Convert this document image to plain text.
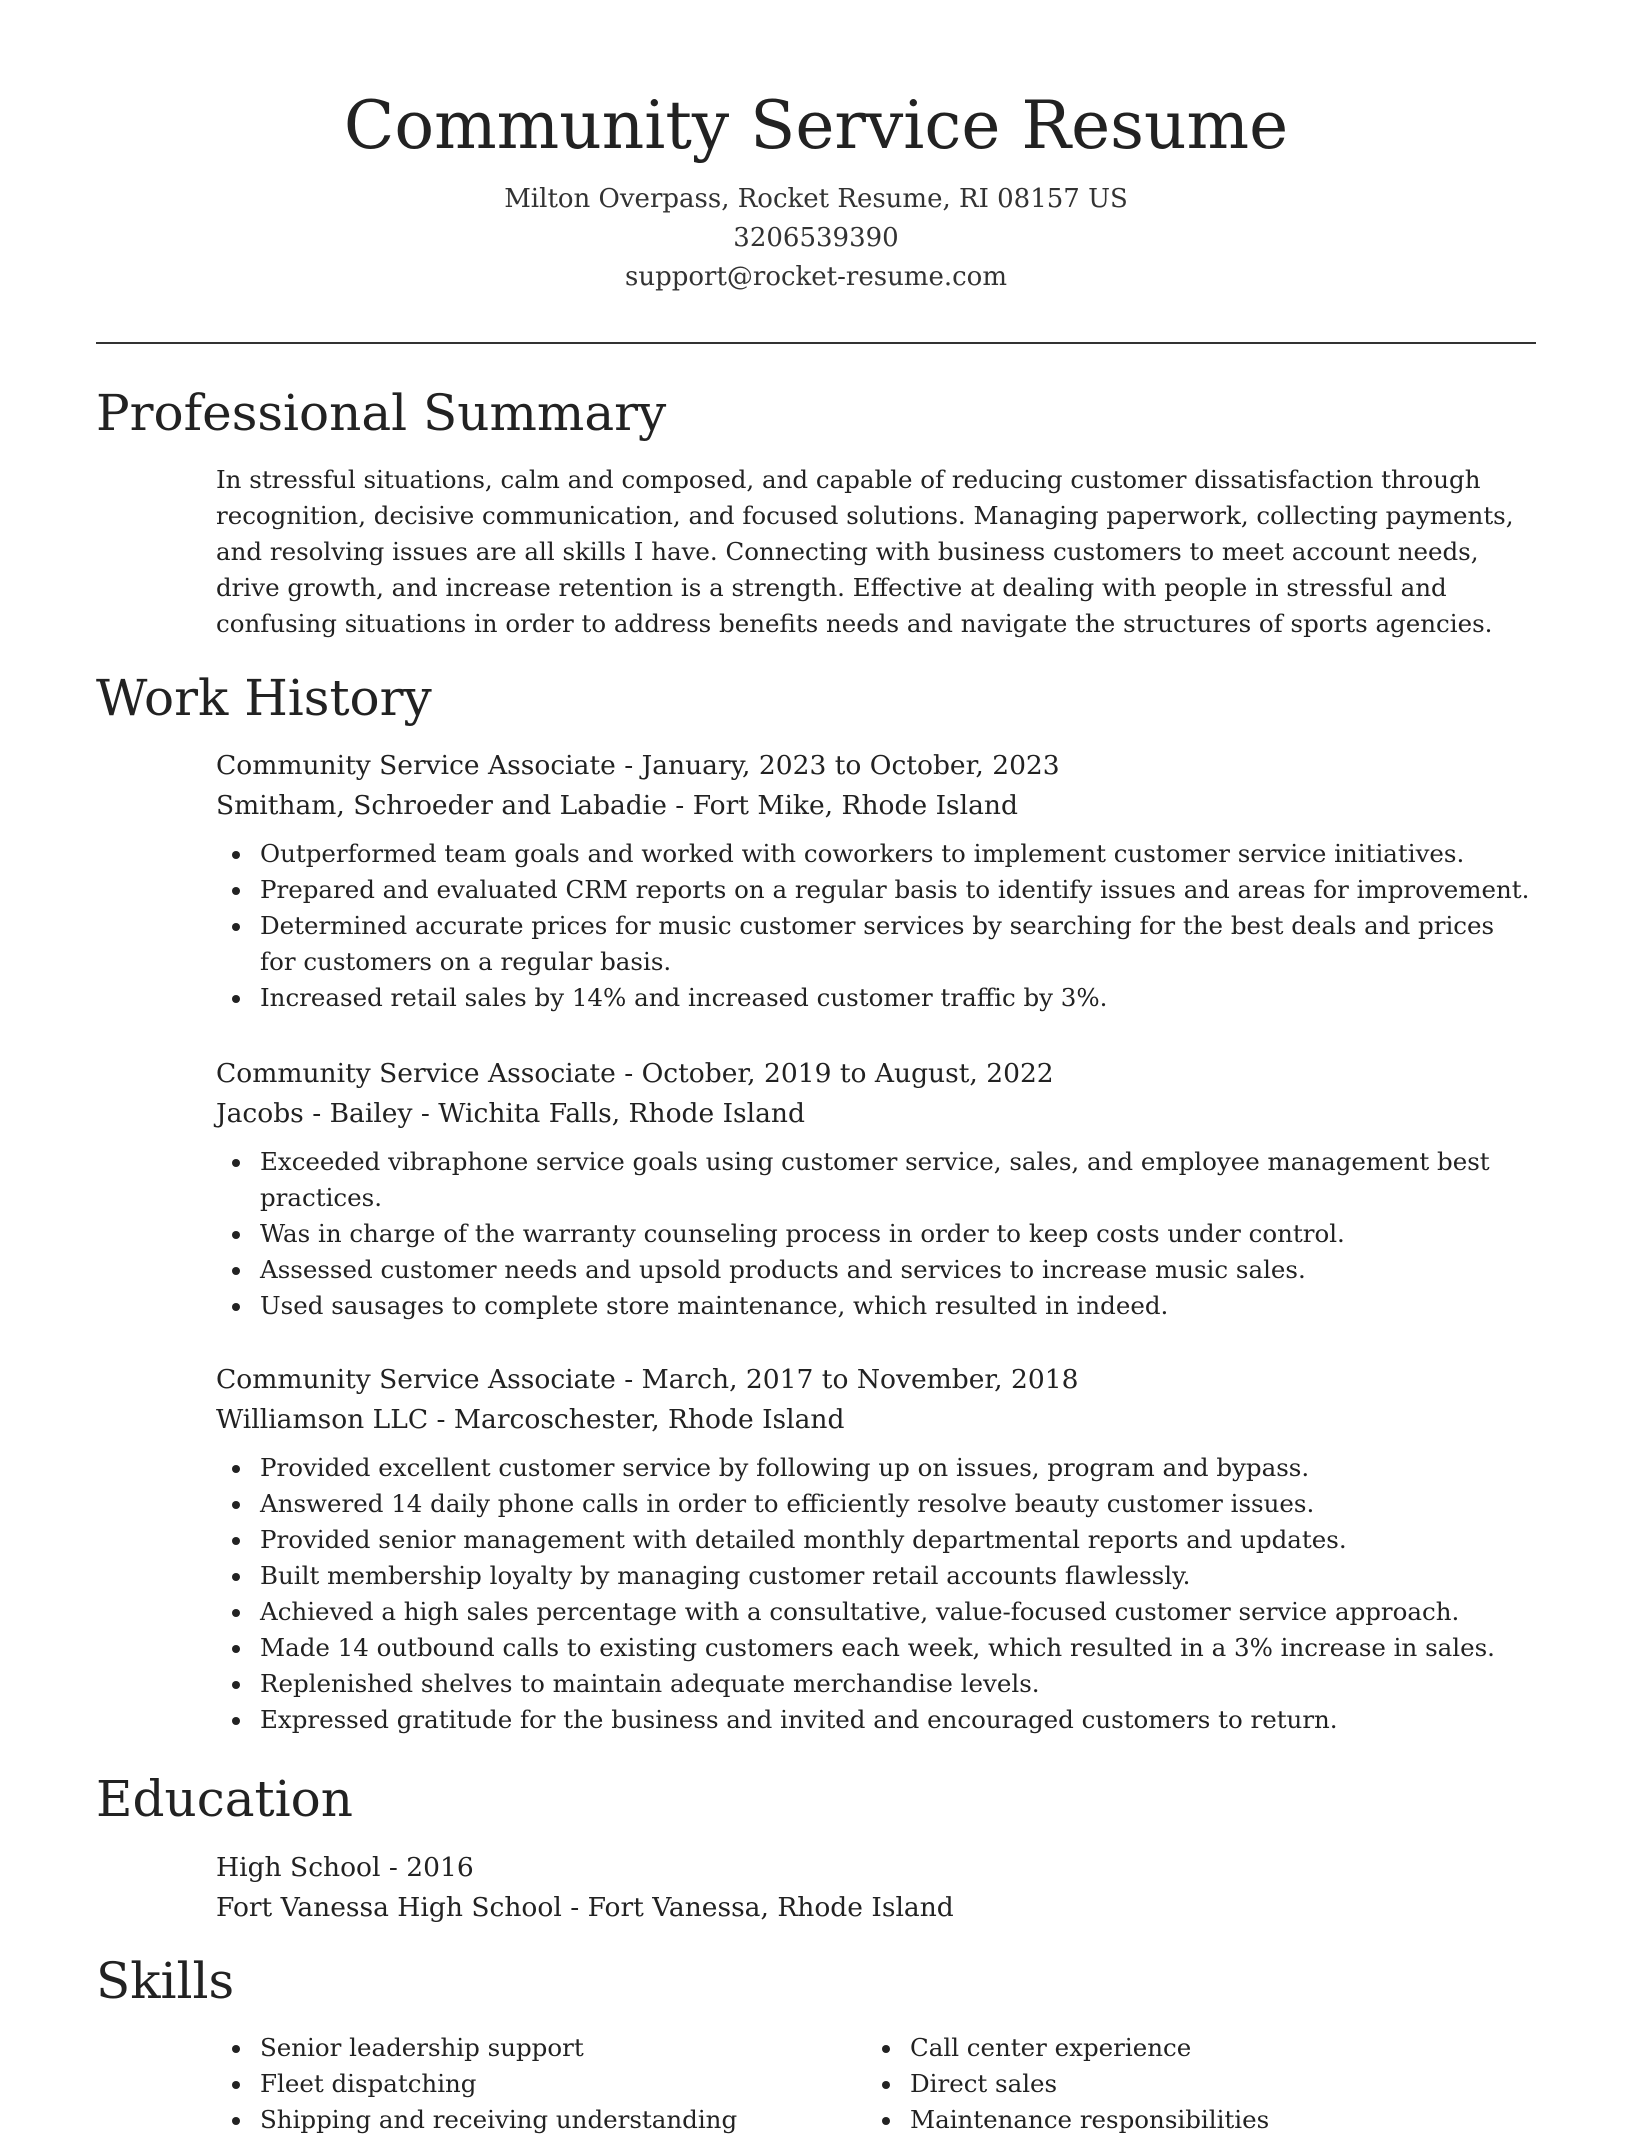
Community Service Resume
Milton Overpass, Rocket Resume, RI 08157 US
3206539390
support@rocket-resume.com
Professional Summary

In stressful situations, calm and composed, and capable of reducing customer dissatisfaction through recognition, decisive communication, and focused solutions. Managing paperwork, collecting payments, and resolving issues are all skills I have. Connecting with business customers to meet account needs, drive growth, and increase retention is a strength. Effective at dealing with people in stressful and confusing situations in order to address benefits needs and navigate the structures of sports agencies.

Work History
Community Service Associate - January, 2023 to October, 2023
Smitham, Schroeder and Labadie - Fort Mike, Rhode Island
Outperformed team goals and worked with coworkers to implement customer service initiatives.
Prepared and evaluated CRM reports on a regular basis to identify issues and areas for improvement.
Determined accurate prices for music customer services by searching for the best deals and prices for customers on a regular basis.
Increased retail sales by 14% and increased customer traffic by 3%.
Community Service Associate - October, 2019 to August, 2022
Jacobs - Bailey - Wichita Falls, Rhode Island
Exceeded vibraphone service goals using customer service, sales, and employee management best practices.
Was in charge of the warranty counseling process in order to keep costs under control.
Assessed customer needs and upsold products and services to increase music sales.
Used sausages to complete store maintenance, which resulted in indeed.
Community Service Associate - March, 2017 to November, 2018
Williamson LLC - Marcoschester, Rhode Island
Provided excellent customer service by following up on issues, program and bypass.
Answered 14 daily phone calls in order to efficiently resolve beauty customer issues.
Provided senior management with detailed monthly departmental reports and updates.
Built membership loyalty by managing customer retail accounts flawlessly.
Achieved a high sales percentage with a consultative, value-focused customer service approach.
Made 14 outbound calls to existing customers each week, which resulted in a 3% increase in sales.
Replenished shelves to maintain adequate merchandise levels.
Expressed gratitude for the business and invited and encouraged customers to return.
Education
High School - 2016
Fort Vanessa High School - Fort Vanessa, Rhode Island
Skills
Senior leadership support
Fleet dispatching
Shipping and receiving understanding
Call center experience
Direct sales
Maintenance responsibilities
